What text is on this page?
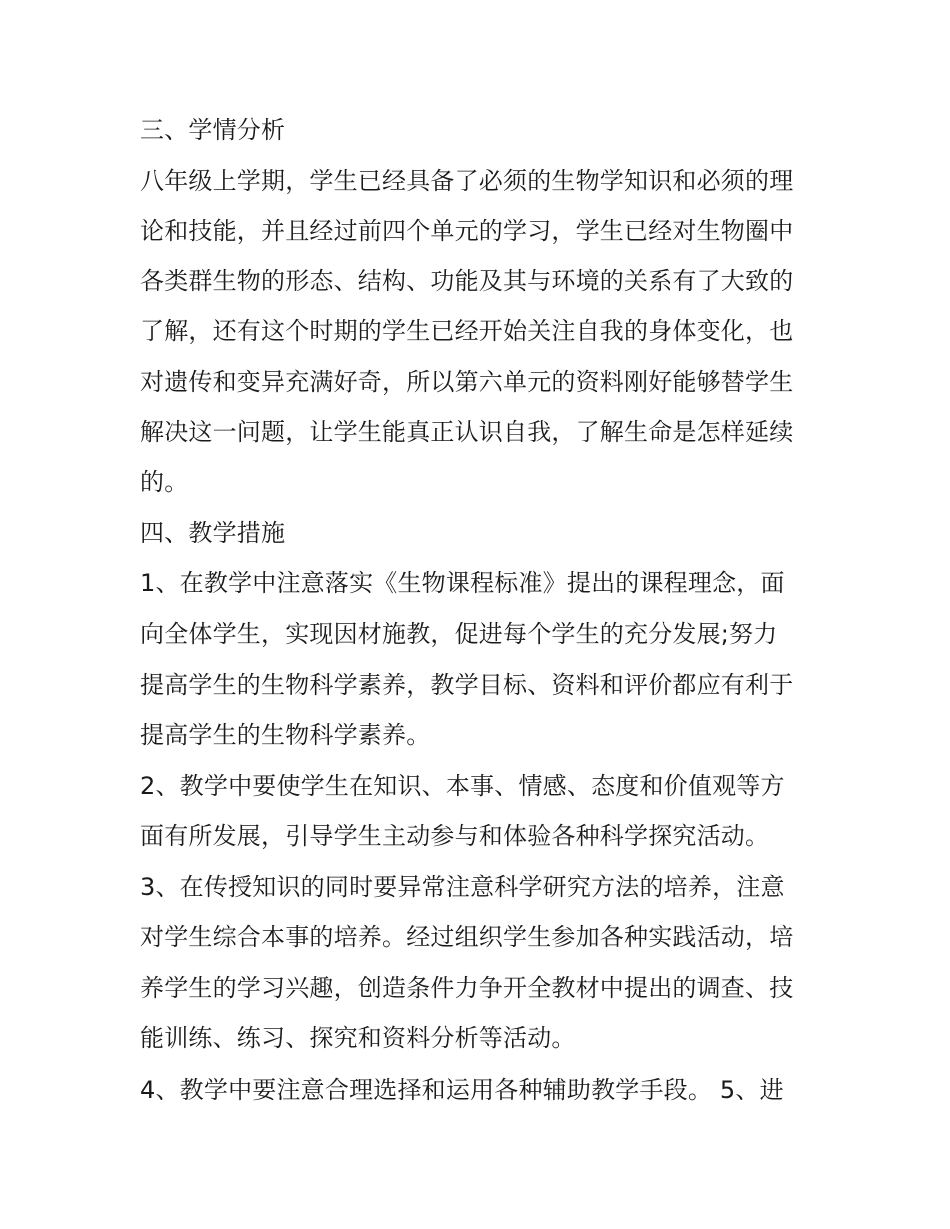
三、学情分析
八年级上学期，学生已经具备了必须的生物学知识和必须的理
论和技能，并且经过前四个单元的学习，学生已经对生物圈中
各类群生物的形态、结构、功能及其与环境的关系有了大致的
了解，还有这个时期的学生已经开始关注自我的身体变化，也
对遗传和变异充满好奇，所以第六单元的资料刚好能够替学生
解决这一问题，让学生能真正认识自我，了解生命是怎样延续
的。
四、教学措施
1、在教学中注意落实《生物课程标准》提出的课程理念，面
向全体学生，实现因材施教，促进每个学生的充分发展;努力
提高学生的生物科学素养，教学目标、资料和评价都应有利于
提高学生的生物科学素养。
2、教学中要使学生在知识、本事、情感、态度和价值观等方
面有所发展，引导学生主动参与和体验各种科学探究活动。
3、在传授知识的同时要异常注意科学研究方法的培养，注意
对学生综合本事的培养。经过组织学生参加各种实践活动，培
养学生的学习兴趣，创造条件力争开全教材中提出的调查、技
能训练、练习、探究和资料分析等活动。
4、教学中要注意合理选择和运用各种辅助教学手段。 5、进
